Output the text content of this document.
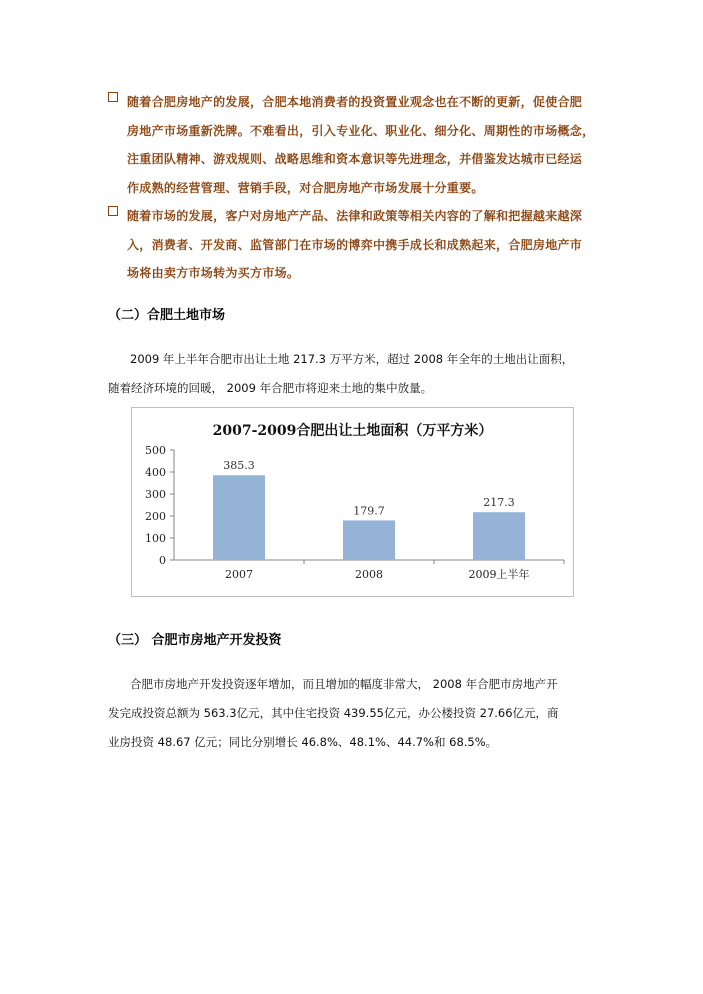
随着合肥房地产的发展，合肥本地消费者的投资置业观念也在不断的更新，促使合肥
房地产市场重新洗牌。不难看出，引入专业化、职业化、细分化、周期性的市场概念，
注重团队精神、游戏规则、战略思维和资本意识等先进理念，并借鉴发达城市已经运
作成熟的经营管理、营销手段，对合肥房地产市场发展十分重要。
随着市场的发展，客户对房地产产品、法律和政策等相关内容的了解和把握越来越深
入，消费者、开发商、监管部门在市场的博弈中携手成长和成熟起来，合肥房地产市
场将由卖方市场转为买方市场。
（二）合肥土地市场
2009 年上半年合肥市出让土地 217.3 万平方米，超过 2008 年全年的土地出让面积，
随着经济环境的回暖， 2009 年合肥市将迎来土地的集中放量。
2007-2009合肥出让土地面积（万平方米）
0
100
200
300
400
500
385.3
2007
179.7
2008
217.3
2009上半年
（三） 合肥市房地产开发投资
合肥市房地产开发投资逐年增加，而且增加的幅度非常大， 2008 年合肥市房地产开
发完成投资总额为 563.3亿元，其中住宅投资 439.55亿元，办公楼投资 27.66亿元，商
业房投资 48.67 亿元；同比分别增长 46.8%、48.1%、44.7%和 68.5%。
